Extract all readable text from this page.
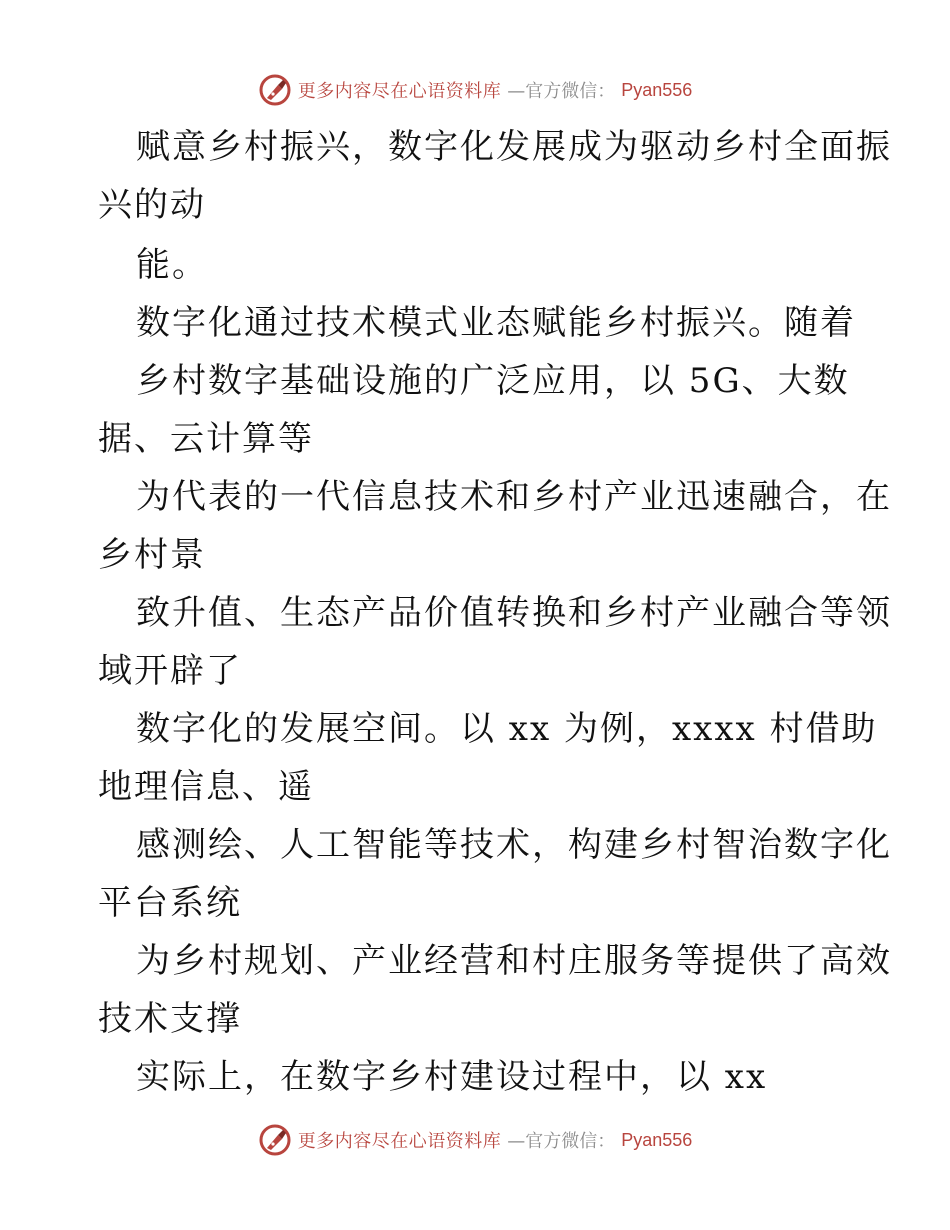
更多内容尽在心语资料库 —官方微信： Pyan556
赋意乡村振兴，数字化发展成为驱动乡村全面振
兴的动
能。
数字化通过技术模式业态赋能乡村振兴。随着
乡村数字基础设施的广泛应用，以 5G、大数
据、云计算等
为代表的一代信息技术和乡村产业迅速融合，在
乡村景
致升值、生态产品价值转换和乡村产业融合等领
域开辟了
数字化的发展空间。以 xx 为例，xxxx 村借助
地理信息、遥
感测绘、人工智能等技术，构建乡村智治数字化
平台系统
为乡村规划、产业经营和村庄服务等提供了高效
技术支撑
实际上，在数字乡村建设过程中，以 xx
更多内容尽在心语资料库 —官方微信： Pyan556
